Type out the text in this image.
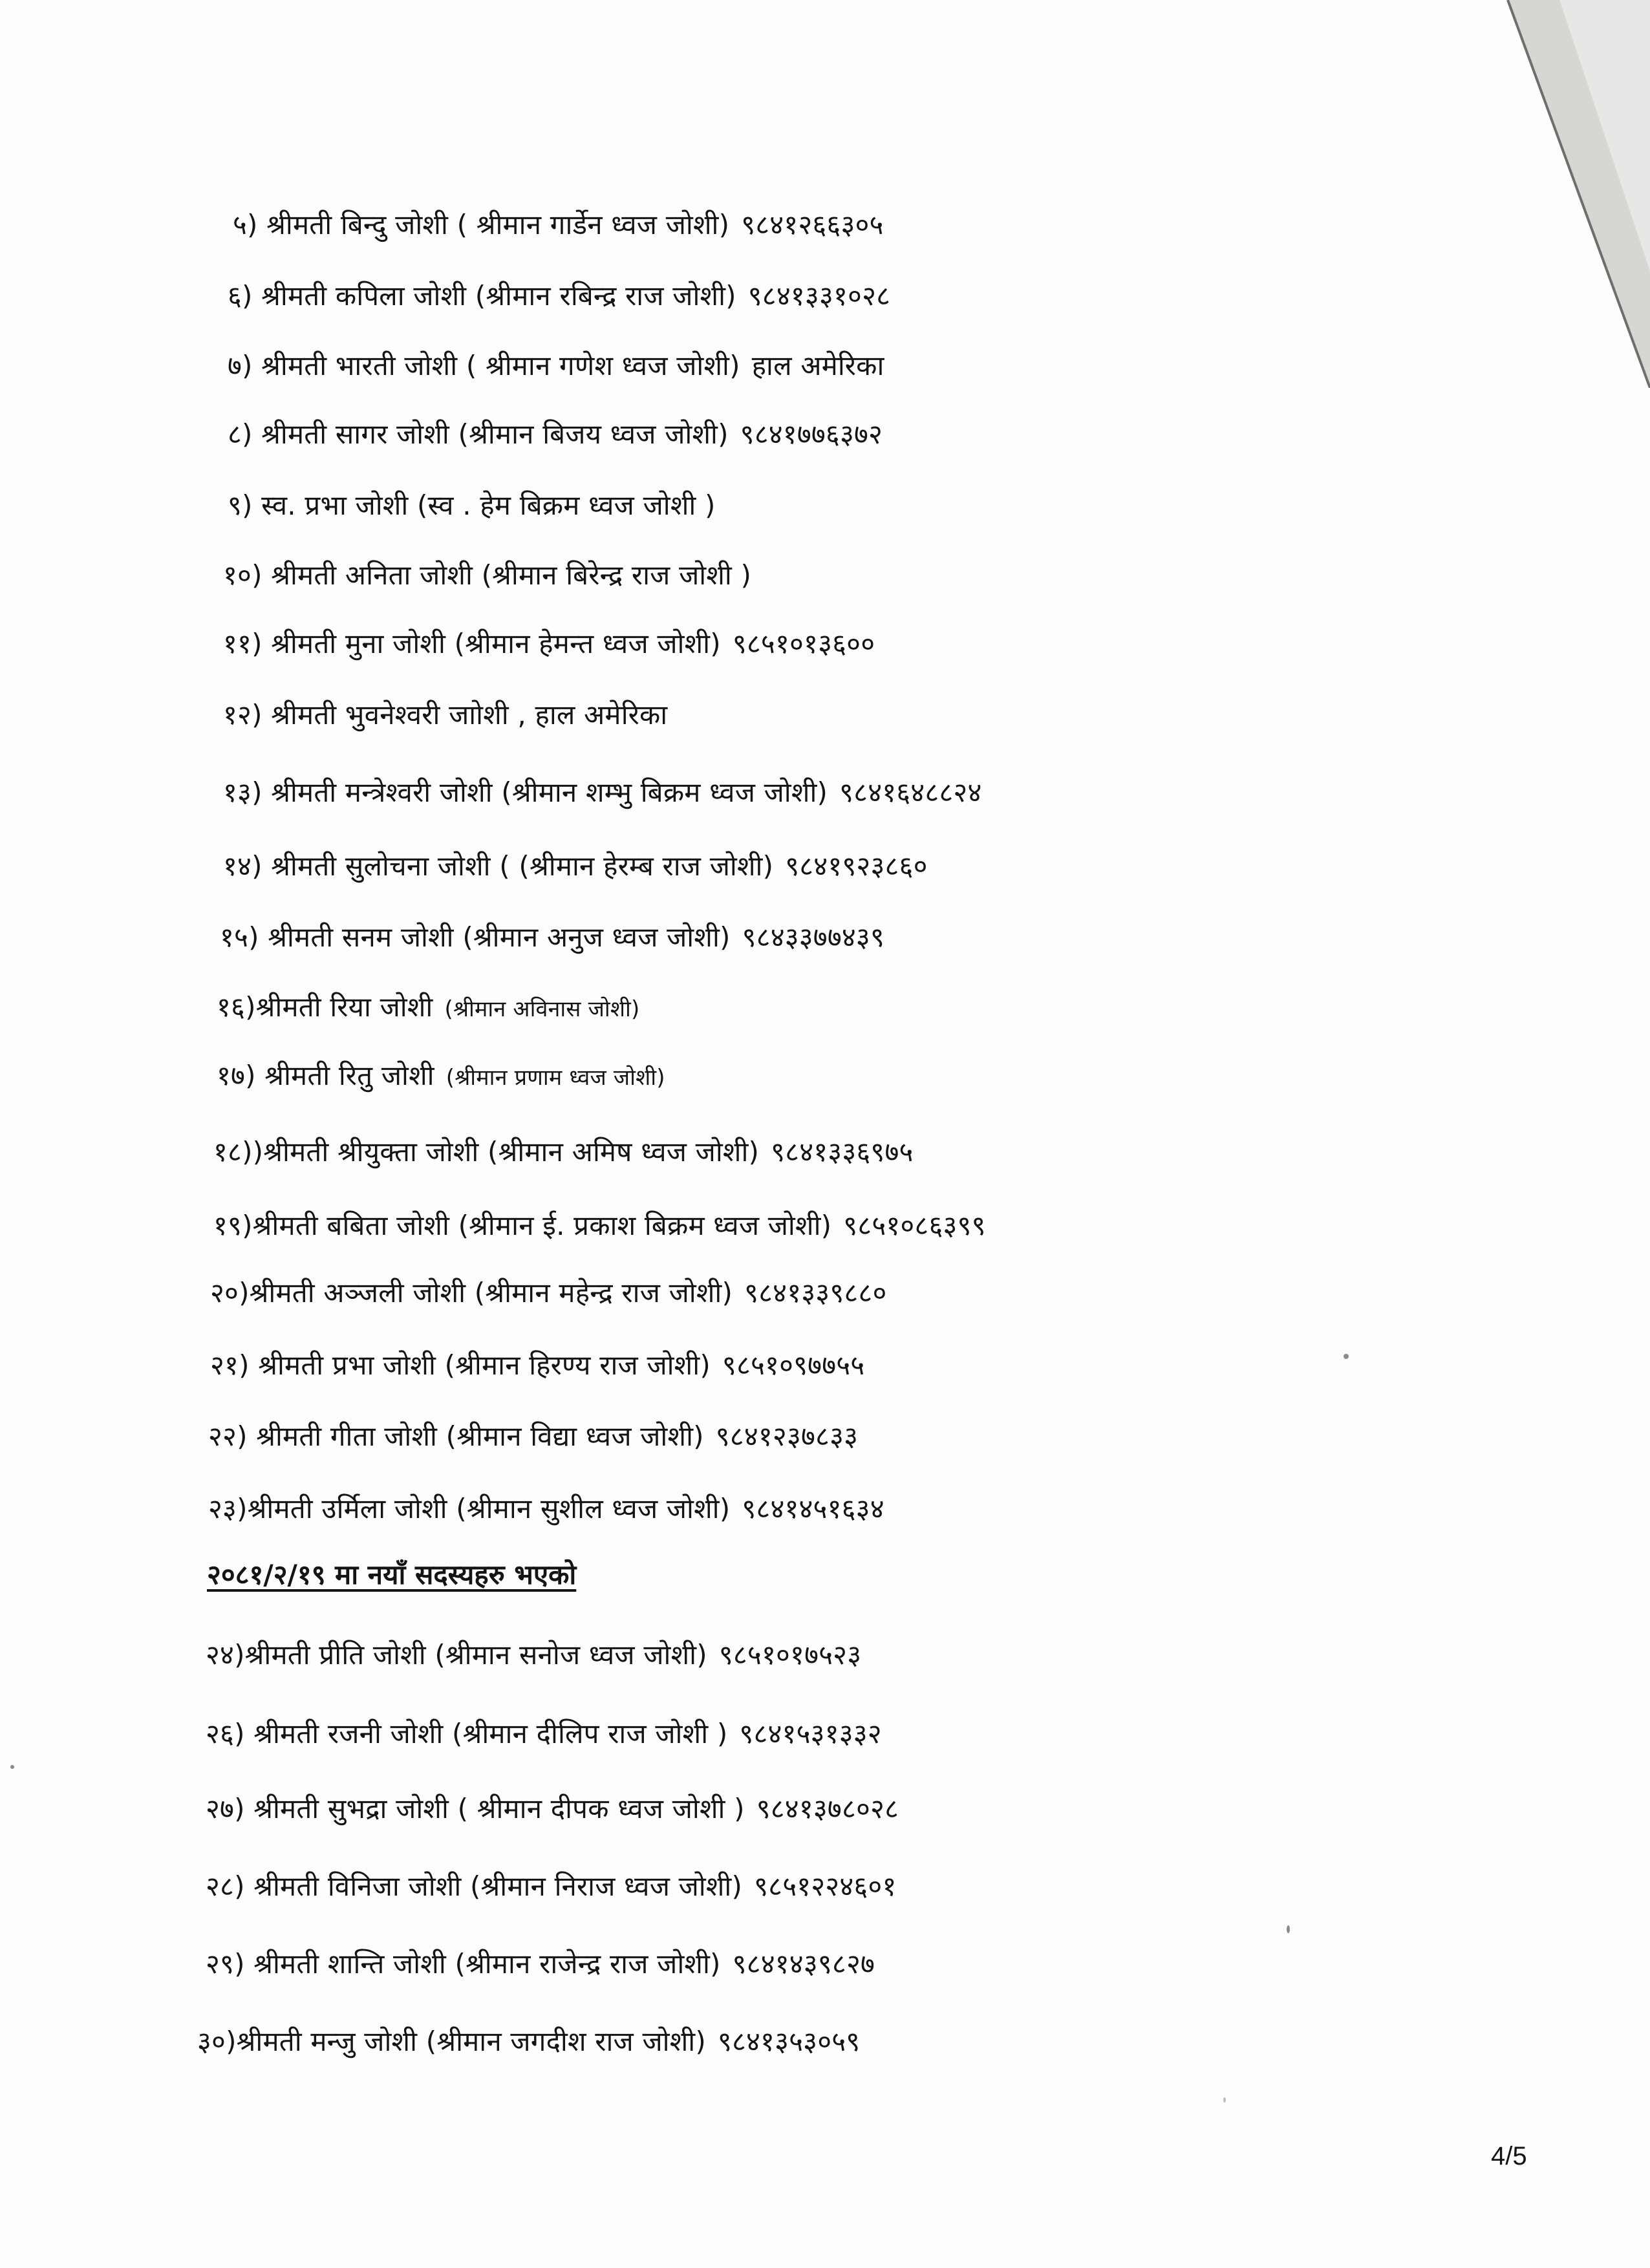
५) श्रीमती बिन्दु जोशी ( श्रीमान गार्डेन ध्वज जोशी) ९८४१२६६३०५
६) श्रीमती कपिला जोशी (श्रीमान रबिन्द्र राज जोशी) ९८४१३३१०२८
७) श्रीमती भारती जोशी ( श्रीमान गणेश ध्वज जोशी) हाल अमेरिका
८) श्रीमती सागर जोशी (श्रीमान बिजय ध्वज जोशी) ९८४१७७६३७२
९) स्व. प्रभा जोशी (स्व . हेम बिक्रम ध्वज जोशी )
१०) श्रीमती अनिता जोशी (श्रीमान बिरेन्द्र राज जोशी )
११) श्रीमती मुना जोशी (श्रीमान हेमन्त ध्वज जोशी) ९८५१०१३६००
१२) श्रीमती भुवनेश्वरी जाोशी , हाल अमेरिका
१३) श्रीमती मन्त्रेश्वरी जोशी (श्रीमान शम्भु बिक्रम ध्वज जोशी) ९८४१६४८८२४
१४) श्रीमती सुलोचना जोशी ( (श्रीमान हेरम्ब राज जोशी) ९८४१९२३८६०
१५) श्रीमती सनम जोशी (श्रीमान अनुज ध्वज जोशी) ९८४३३७७४३९
१६)श्रीमती रिया जोशी (श्रीमान अविनास जोशी)
१७) श्रीमती रितु जोशी (श्रीमान प्रणाम ध्वज जोशी)
१८))श्रीमती श्रीयुक्ता जोशी (श्रीमान अमिष ध्वज जोशी) ९८४१३३६९७५
१९)श्रीमती बबिता जोशी (श्रीमान ई. प्रकाश बिक्रम ध्वज जोशी) ९८५१०८६३९९
२०)श्रीमती अञ्जली जोशी (श्रीमान महेन्द्र राज जोशी) ९८४१३३९८८०
२१) श्रीमती प्रभा जोशी (श्रीमान हिरण्य राज जोशी) ९८५१०९७७५५
२२) श्रीमती गीता जोशी (श्रीमान विद्या ध्वज जोशी) ९८४१२३७८३३
२३)श्रीमती उर्मिला जोशी (श्रीमान सुशील ध्वज जोशी) ९८४१४५१६३४
२०८१/२/१९ मा नयाँ सदस्यहरु भएको
२४)श्रीमती प्रीति जोशी (श्रीमान सनोज ध्वज जोशी) ९८५१०१७५२३
२६) श्रीमती रजनी जोशी (श्रीमान दीलिप राज जोशी ) ९८४१५३१३३२
२७) श्रीमती सुभद्रा जोशी ( श्रीमान दीपक ध्वज जोशी ) ९८४१३७८०२८
२८) श्रीमती विनिजा जोशी (श्रीमान निराज ध्वज जोशी) ९८५१२२४६०१
२९) श्रीमती शान्ति जोशी (श्रीमान राजेन्द्र राज जोशी) ९८४१४३९८२७
३०)श्रीमती मन्जु जोशी (श्रीमान जगदीश राज जोशी) ९८४१३५३०५९
4/5
